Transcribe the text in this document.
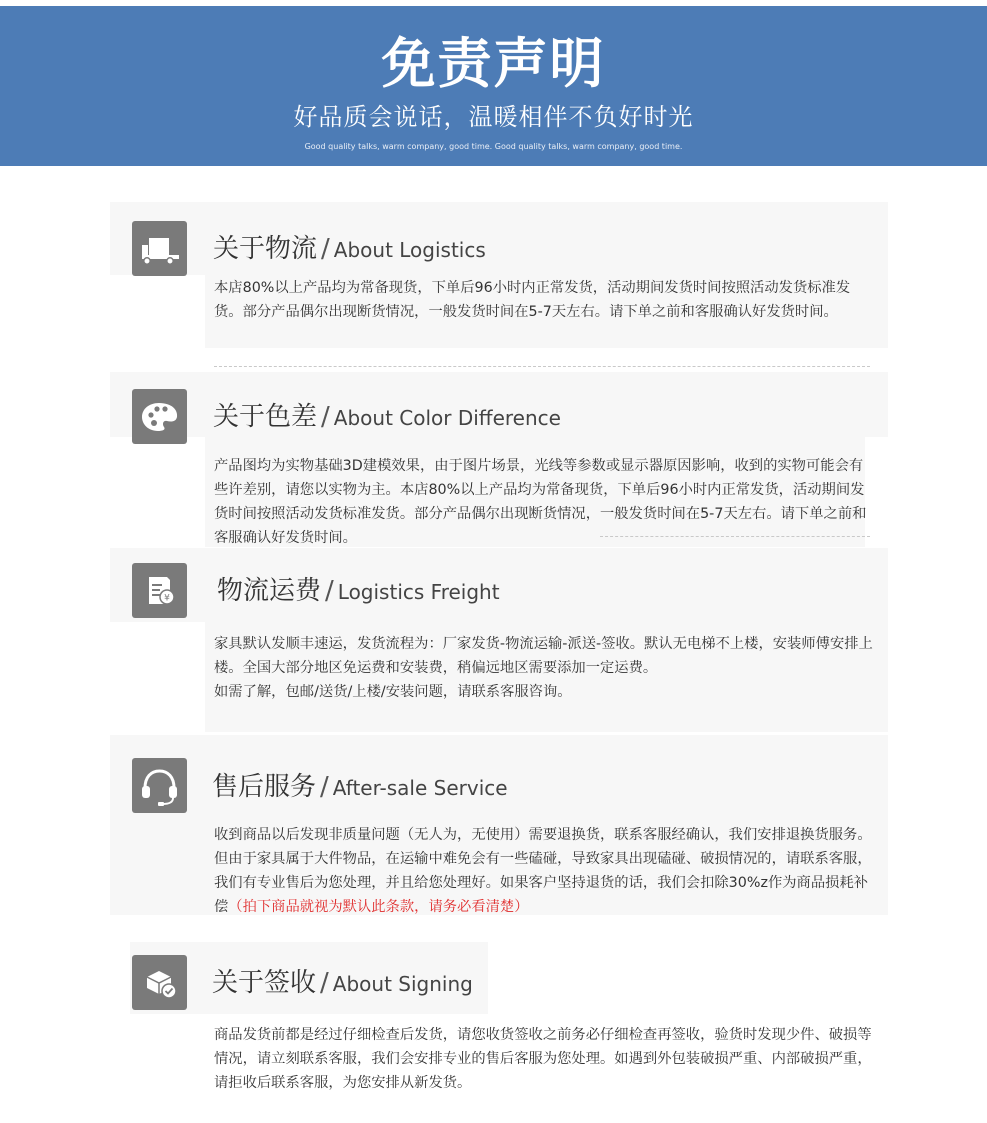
免责声明
好品质会说话，温暖相伴不负好时光
Good quality talks, warm company, good time. Good quality talks, warm company, good time.
关于物流 / About Logistics
本店80%以上产品均为常备现货，下单后96小时内正常发货，活动期间发货时间按照活动发货标准发货。部分产品偶尔出现断货情况，一般发货时间在5-7天左右。请下单之前和客服确认好发货时间。
关于色差 / About Color Difference
产品图均为实物基础3D建模效果，由于图片场景，光线等参数或显示器原因影响，收到的实物可能会有些许差别，请您以实物为主。本店80%以上产品均为常备现货，下单后96小时内正常发货，活动期间发货时间按照活动发货标准发货。部分产品偶尔出现断货情况，一般发货时间在5-7天左右。请下单之前和客服确认好发货时间。
¥ 物流运费 / Logistics Freight
家具默认发顺丰速运，发货流程为：厂家发货-物流运输-派送-签收。默认无电梯不上楼，安装师傅安排上楼。全国大部分地区免运费和安装费，稍偏远地区需要添加一定运费。
如需了解，包邮/送货/上楼/安装问题，请联系客服咨询。
售后服务 / After-sale Service
收到商品以后发现非质量问题（无人为，无使用）需要退换货，联系客服经确认，我们安排退换货服务。但由于家具属于大件物品，在运输中难免会有一些磕碰，导致家具出现磕碰、破损情况的，请联系客服，我们有专业售后为您处理，并且给您处理好。如果客户坚持退货的话，我们会扣除30%z作为商品损耗补偿（拍下商品就视为默认此条款，请务必看清楚）
关于签收 / About Signing
商品发货前都是经过仔细检查后发货，请您收货签收之前务必仔细检查再签收，验货时发现少件、破损等情况，请立刻联系客服，我们会安排专业的售后客服为您处理。如遇到外包装破损严重、内部破损严重，请拒收后联系客服，为您安排从新发货。
